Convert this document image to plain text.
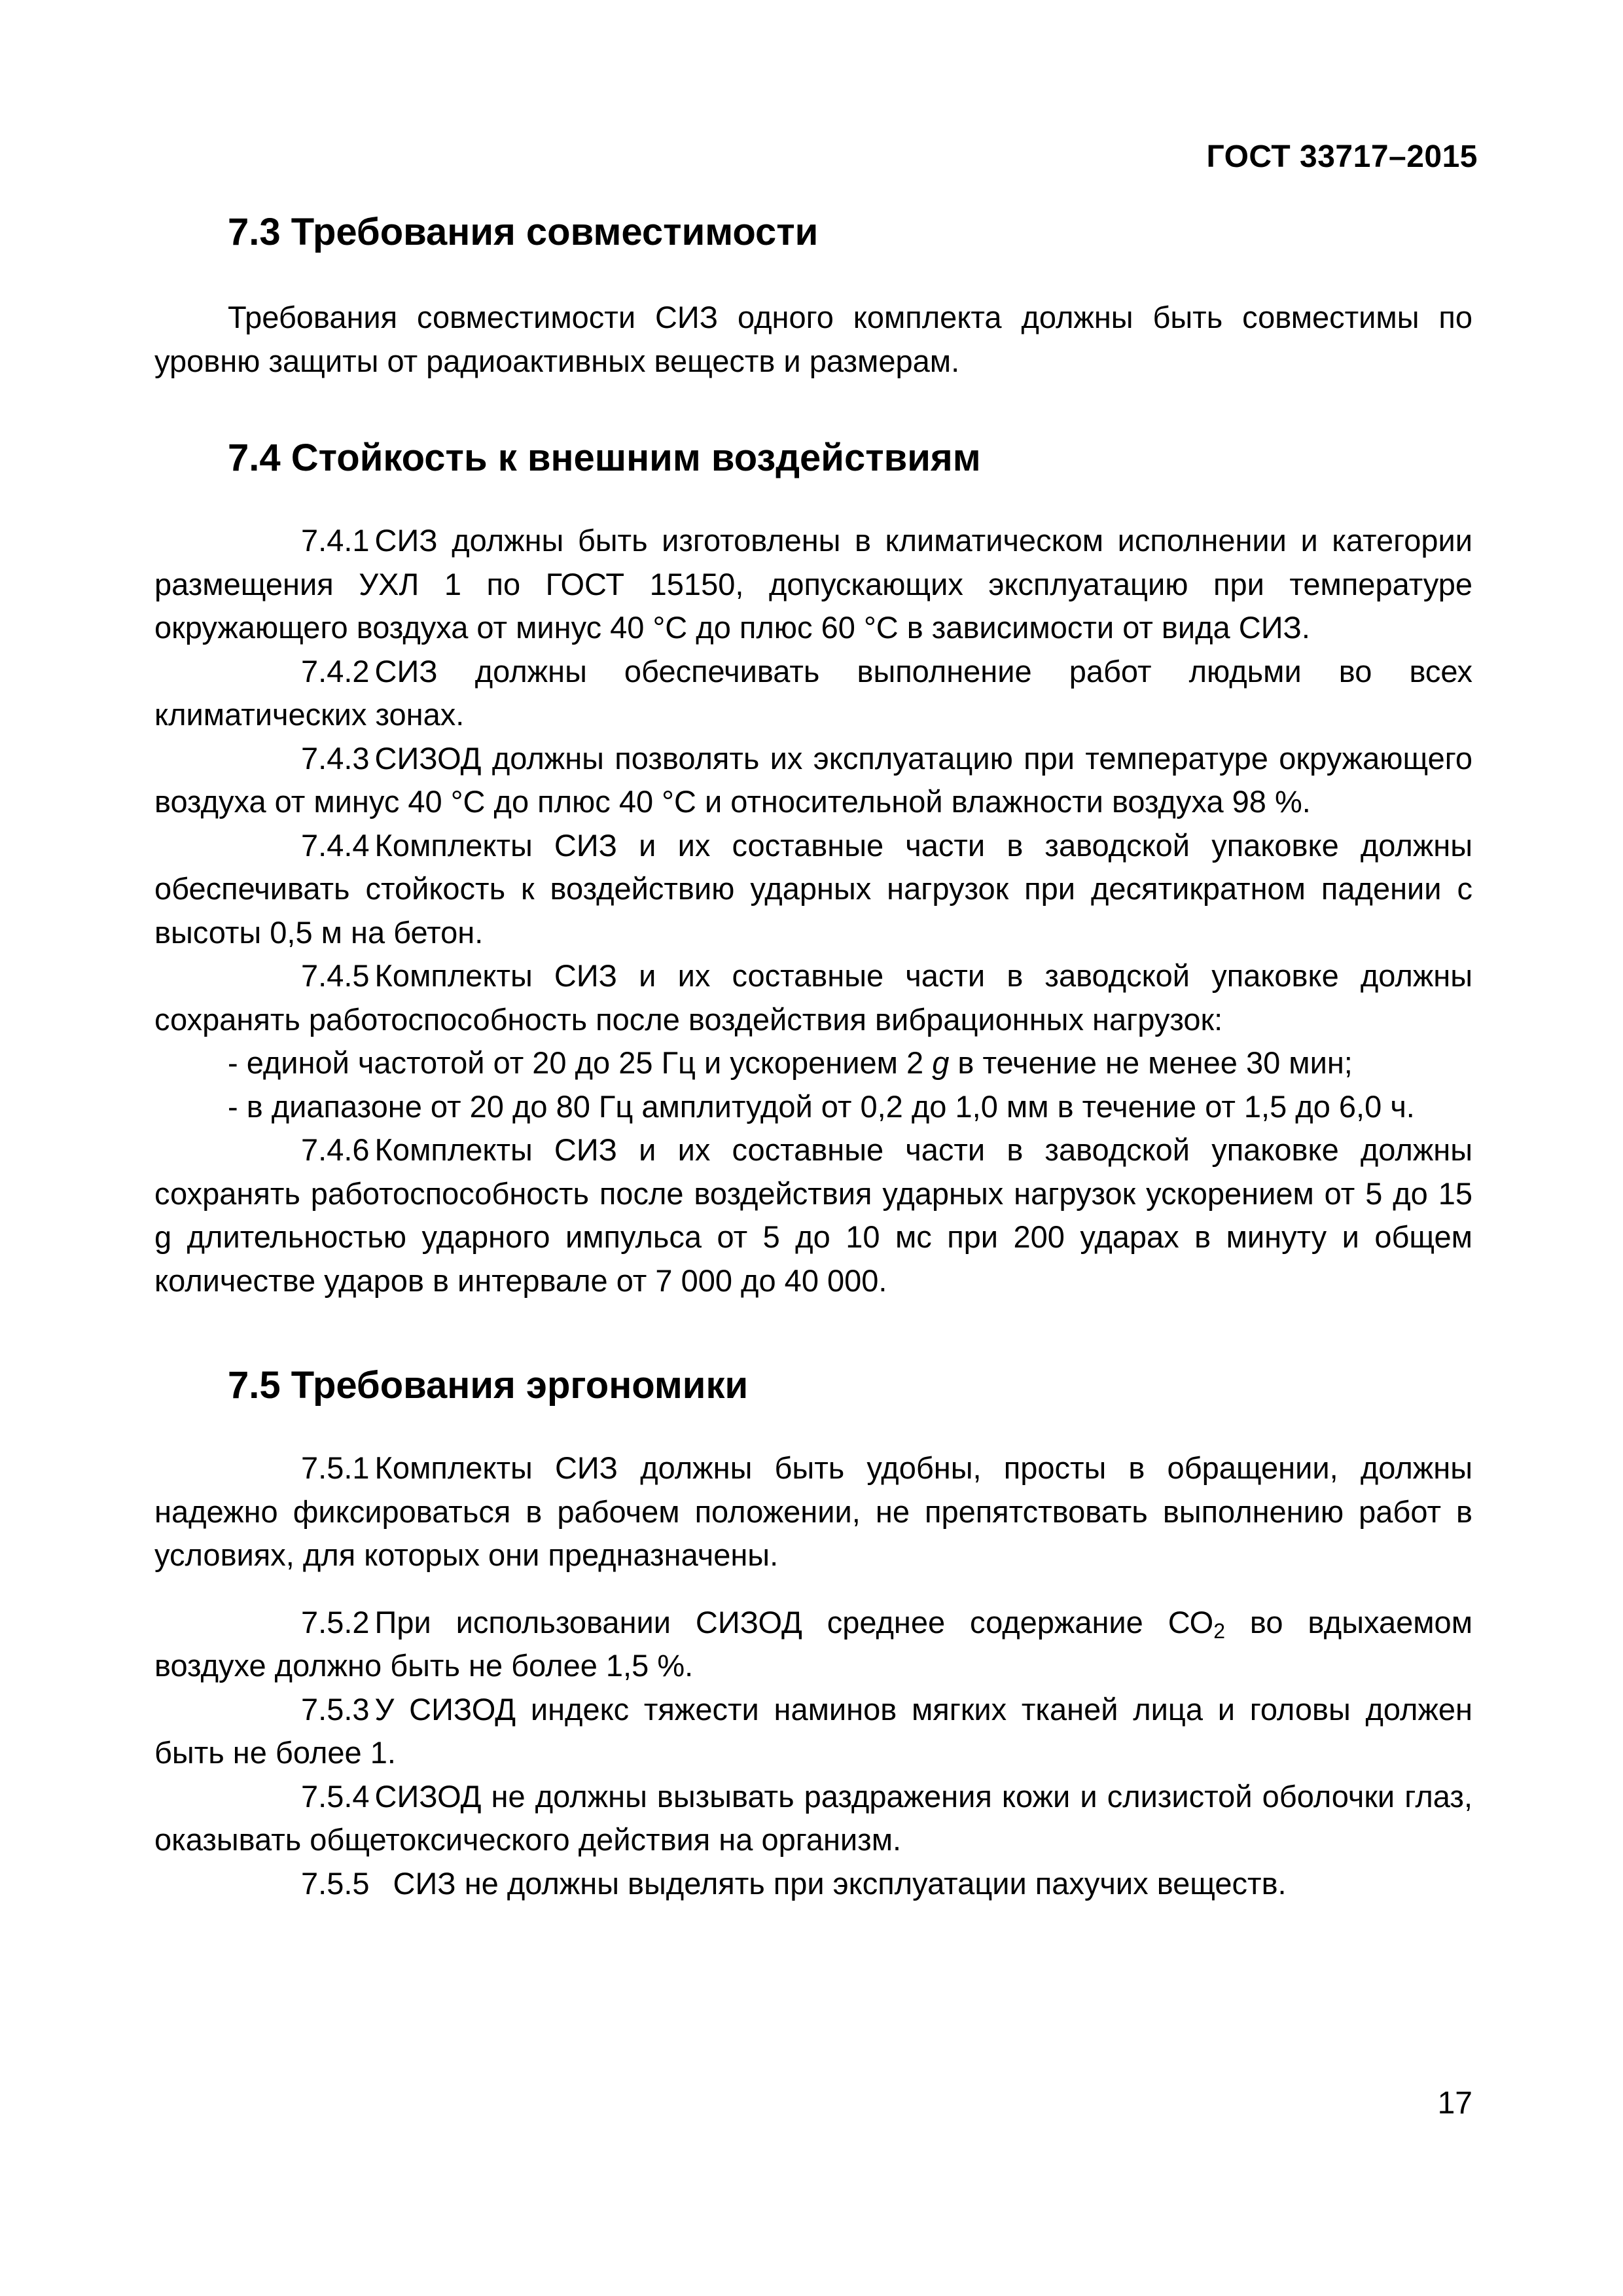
ГОСТ 33717–2015
7.3 Требования совместимости

Требования совместимости СИЗ одного комплекта должны быть совместимы по уровню защиты от радиоактивных веществ и размерам.

7.4 Стойкость к внешним воздействиям

7.4.1 СИЗ должны быть изготовлены в климатическом исполнении и категории размещения УХЛ 1 по ГОСТ 15150, допускающих эксплуатацию при температуре окружающего воздуха от минус 40 °С до плюс 60 °С в зависимости от вида СИЗ.

7.4.2 СИЗ должны обеспечивать выполнение работ людьми во всех климатических зонах.

7.4.3 СИЗОД должны позволять их эксплуатацию при температуре окружающего воздуха от минус 40 °С до плюс 40 °С и относительной влажности воздуха 98 %.

7.4.4 Комплекты СИЗ и их составные части в заводской упаковке должны обеспечивать стойкость к воздействию ударных нагрузок при десятикратном падении с высоты 0,5 м на бетон.

7.4.5 Комплекты СИЗ и их составные части в заводской упаковке должны сохранять работоспособность после воздействия вибрационных нагрузок:

- единой частотой от 20 до 25 Гц и ускорением 2 g в течение не менее 30 мин;

- в диапазоне от 20 до 80 Гц амплитудой от 0,2 до 1,0 мм в течение от 1,5 до 6,0 ч.

7.4.6 Комплекты СИЗ и их составные части в заводской упаковке должны сохранять работоспособность после воздействия ударных нагрузок ускорением от 5 до 15 g длительностью ударного импульса от 5 до 10 мс при 200 ударах в минуту и общем количестве ударов в интервале от 7 000 до 40 000.

7.5 Требования эргономики

7.5.1 Комплекты СИЗ должны быть удобны, просты в обращении, должны надежно фиксироваться в рабочем положении, не препятствовать выполнению работ в условиях, для которых они предназначены.

7.5.2 При использовании СИЗОД среднее содержание СО2 во вдыхаемом воздухе должно быть не более 1,5 %.

7.5.3 У СИЗОД индекс тяжести наминов мягких тканей лица и головы должен быть не более 1.

7.5.4 СИЗОД не должны вызывать раздражения кожи и слизистой оболочки глаз, оказывать общетоксического действия на организм.

7.5.5 СИЗ не должны выделять при эксплуатации пахучих веществ.

17
